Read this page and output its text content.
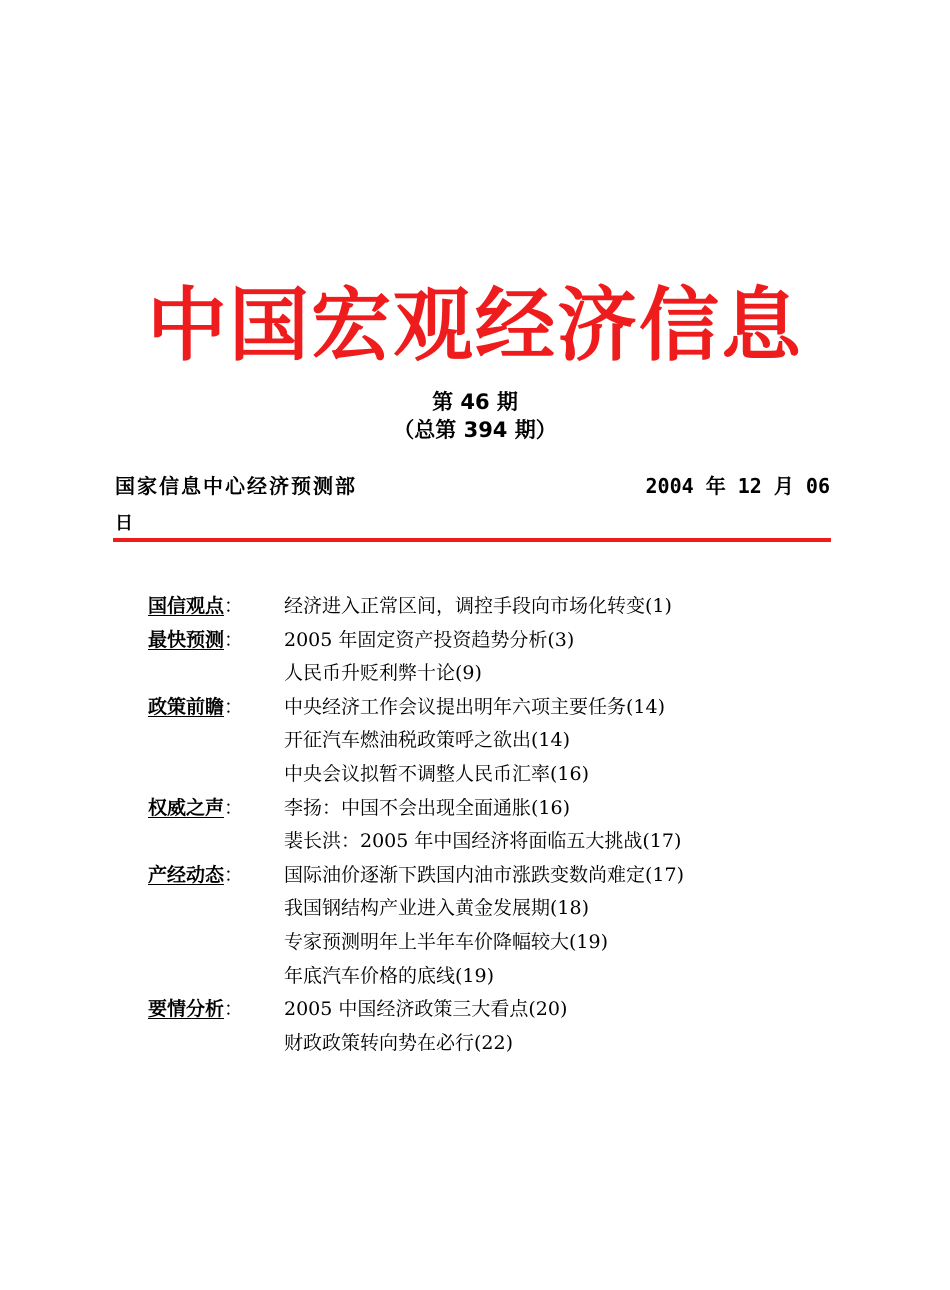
中国宏观经济信息
第 46 期
（总第 394 期）
国家信息中心经济预测部	2004 年 12 月 06
日
国信观点： 经济进入正常区间，调控手段向市场化转变(1)
最快预测： 2005 年固定资产投资趋势分析(3)
人民币升贬利弊十论(9)
政策前瞻： 中央经济工作会议提出明年六项主要任务(14)
开征汽车燃油税政策呼之欲出(14)
中央会议拟暂不调整人民币汇率(16)
权威之声： 李扬：中国不会出现全面通胀(16)
裴长洪：2005 年中国经济将面临五大挑战(17)
产经动态： 国际油价逐渐下跌国内油市涨跌变数尚难定(17)
我国钢结构产业进入黄金发展期(18)
专家预测明年上半年车价降幅较大(19)
年底汽车价格的底线(19)
要情分析： 2005 中国经济政策三大看点(20)
财政政策转向势在必行(22)
